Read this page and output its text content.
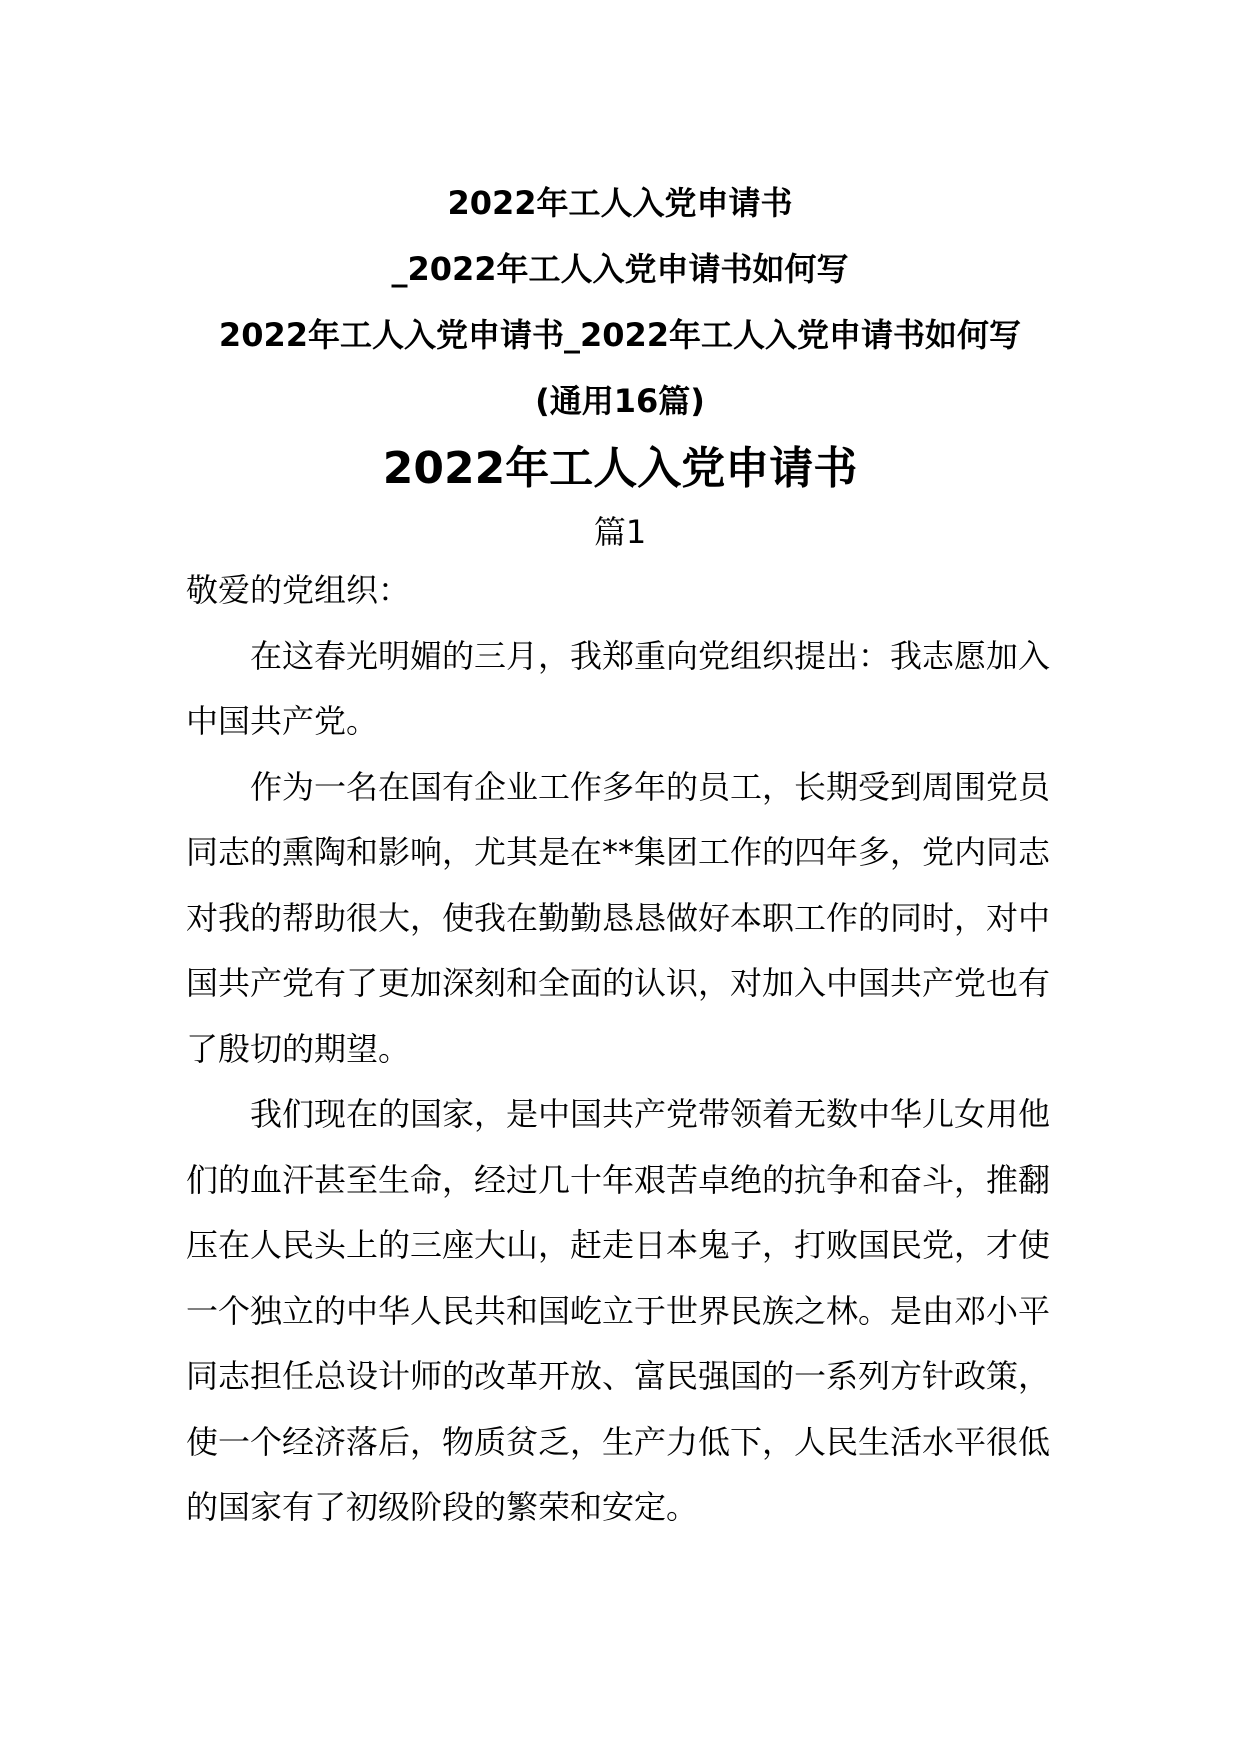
2022年工人入党申请书

_2022年工人入党申请书如何写

2022年工人入党申请书_2022年工人入党申请书如何写

(通用16篇)

2022年工人入党申请书

篇1

敬爱的党组织：

在这春光明媚的三月，我郑重向党组织提出：我志愿加入中国共产党。

作为一名在国有企业工作多年的员工，长期受到周围党员同志的熏陶和影响，尤其是在**集团工作的四年多，党内同志对我的帮助很大，使我在勤勤恳恳做好本职工作的同时，对中国共产党有了更加深刻和全面的认识，对加入中国共产党也有了殷切的期望。

我们现在的国家，是中国共产党带领着无数中华儿女用他们的血汗甚至生命，经过几十年艰苦卓绝的抗争和奋斗，推翻压在人民头上的三座大山，赶走日本鬼子，打败国民党，才使一个独立的中华人民共和国屹立于世界民族之林。是由邓小平同志担任总设计师的改革开放、富民强国的一系列方针政策，使一个经济落后，物质贫乏，生产力低下，人民生活水平很低的国家有了初级阶段的繁荣和安定。
